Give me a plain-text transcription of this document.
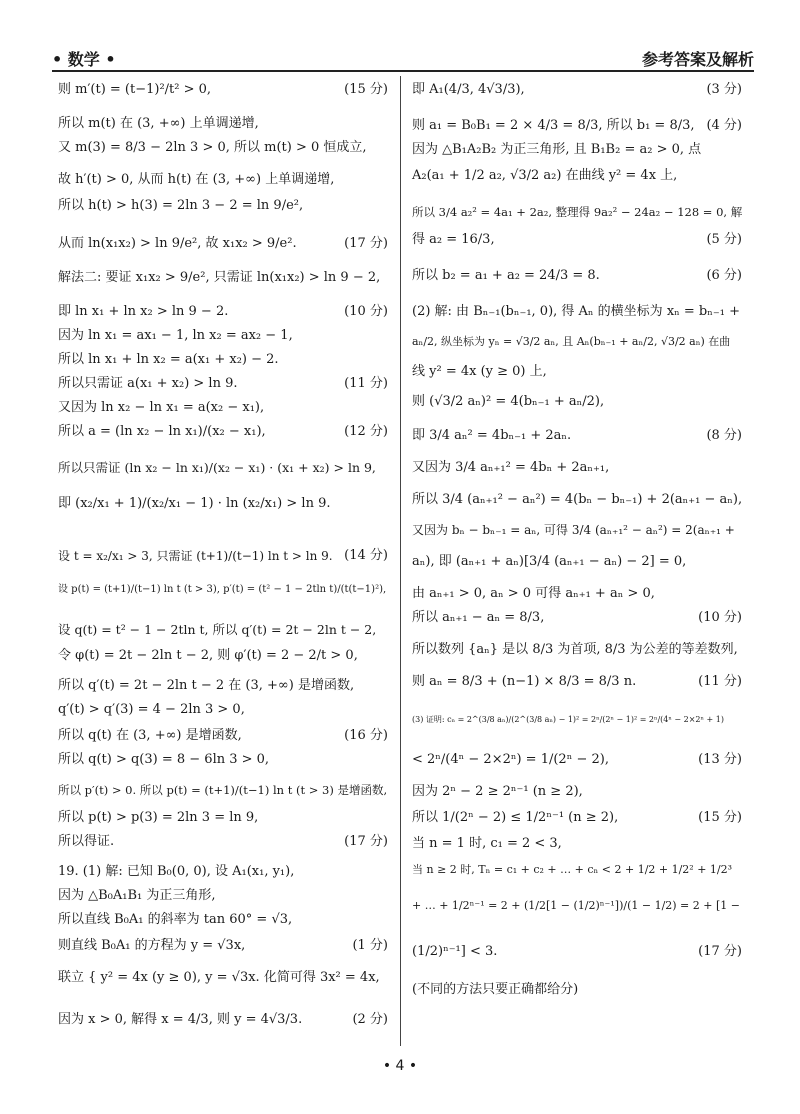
• 数学 •	参考答案及解析
则 m′(t) = (t−1)²/t² > 0,	(15 分)
所以 m(t) 在 (3, +∞) 上单调递增,
又 m(3) = 8/3 − 2ln 3 > 0, 所以 m(t) > 0 恒成立,
故 h′(t) > 0, 从而 h(t) 在 (3, +∞) 上单调递增,
所以 h(t) > h(3) = 2ln 3 − 2 = ln 9/e²,
从而 ln(x₁x₂) > ln 9/e², 故 x₁x₂ > 9/e².	(17 分)
解法二: 要证 x₁x₂ > 9/e², 只需证 ln(x₁x₂) > ln 9 − 2,
即 ln x₁ + ln x₂ > ln 9 − 2.	(10 分)
因为 ln x₁ = ax₁ − 1, ln x₂ = ax₂ − 1,
所以 ln x₁ + ln x₂ = a(x₁ + x₂) − 2.
所以只需证 a(x₁ + x₂) > ln 9.	(11 分)
又因为 ln x₂ − ln x₁ = a(x₂ − x₁),
所以 a = (ln x₂ − ln x₁)/(x₂ − x₁),	(12 分)
所以只需证 (ln x₂ − ln x₁)/(x₂ − x₁) · (x₁ + x₂) > ln 9,
即 (x₂/x₁ + 1)/(x₂/x₁ − 1) · ln (x₂/x₁) > ln 9.
设 t = x₂/x₁ > 3, 只需证 (t+1)/(t−1) ln t > ln 9. (14 分)
设 p(t) = (t+1)/(t−1) ln t (t > 3), p′(t) = (t² − 1 − 2tln t)/(t(t−1)²),
设 q(t) = t² − 1 − 2tln t, 所以 q′(t) = 2t − 2ln t − 2,
令 φ(t) = 2t − 2ln t − 2, 则 φ′(t) = 2 − 2/t > 0,
所以 q′(t) = 2t − 2ln t − 2 在 (3, +∞) 是增函数,
q′(t) > q′(3) = 4 − 2ln 3 > 0,
所以 q(t) 在 (3, +∞) 是增函数,	(16 分)
所以 q(t) > q(3) = 8 − 6ln 3 > 0,
所以 p′(t) > 0. 所以 p(t) = (t+1)/(t−1) ln t (t > 3) 是增函数,
所以 p(t) > p(3) = 2ln 3 = ln 9,
所以得证.	(17 分)
19. (1) 解: 已知 B₀(0, 0), 设 A₁(x₁, y₁),
因为 △B₀A₁B₁ 为正三角形,
所以直线 B₀A₁ 的斜率为 tan 60° = √3,
则直线 B₀A₁ 的方程为 y = √3x,	(1 分)
联立 { y² = 4x (y ≥ 0), y = √3x. 化简可得 3x² = 4x,
因为 x > 0, 解得 x = 4/3, 则 y = 4√3/3.	(2 分)
即 A₁(4/3, 4√3/3),	(3 分)
则 a₁ = B₀B₁ = 2 × 4/3 = 8/3, 所以 b₁ = 8/3, (4 分)
因为 △B₁A₂B₂ 为正三角形, 且 B₁B₂ = a₂ > 0, 点
A₂(a₁ + 1/2 a₂, √3/2 a₂) 在曲线 y² = 4x 上,
所以 3/4 a₂² = 4a₁ + 2a₂, 整理得 9a₂² − 24a₂ − 128 = 0, 解
得 a₂ = 16/3,	(5 分)
所以 b₂ = a₁ + a₂ = 24/3 = 8.	(6 分)
(2) 解: 由 Bₙ₋₁(bₙ₋₁, 0), 得 Aₙ 的横坐标为 xₙ = bₙ₋₁ +
aₙ/2, 纵坐标为 yₙ = √3/2 aₙ, 且 Aₙ(bₙ₋₁ + aₙ/2, √3/2 aₙ) 在曲
线 y² = 4x (y ≥ 0) 上,
则 (√3/2 aₙ)² = 4(bₙ₋₁ + aₙ/2),
即 3/4 aₙ² = 4bₙ₋₁ + 2aₙ.	(8 分)
又因为 3/4 aₙ₊₁² = 4bₙ + 2aₙ₊₁,
所以 3/4 (aₙ₊₁² − aₙ²) = 4(bₙ − bₙ₋₁) + 2(aₙ₊₁ − aₙ),
又因为 bₙ − bₙ₋₁ = aₙ, 可得 3/4 (aₙ₊₁² − aₙ²) = 2(aₙ₊₁ +
aₙ), 即 (aₙ₊₁ + aₙ)[3/4 (aₙ₊₁ − aₙ) − 2] = 0,
由 aₙ₊₁ > 0, aₙ > 0 可得 aₙ₊₁ + aₙ > 0,
所以 aₙ₊₁ − aₙ = 8/3,	(10 分)
所以数列 {aₙ} 是以 8/3 为首项, 8/3 为公差的等差数列,
则 aₙ = 8/3 + (n−1) × 8/3 = 8/3 n.	(11 分)
(3) 证明: cₙ = 2^(3/8 aₙ)/(2^(3/8 aₙ) − 1)² = 2ⁿ/(2ⁿ − 1)² = 2ⁿ/(4ⁿ − 2×2ⁿ + 1)
< 2ⁿ/(4ⁿ − 2×2ⁿ) = 1/(2ⁿ − 2),	(13 分)
因为 2ⁿ − 2 ≥ 2ⁿ⁻¹ (n ≥ 2),
所以 1/(2ⁿ − 2) ≤ 1/2ⁿ⁻¹ (n ≥ 2),	(15 分)
当 n = 1 时, c₁ = 2 < 3,
当 n ≥ 2 时, Tₙ = c₁ + c₂ + … + cₙ < 2 + 1/2 + 1/2² + 1/2³
+ … + 1/2ⁿ⁻¹ = 2 + (1/2[1 − (1/2)ⁿ⁻¹])/(1 − 1/2) = 2 + [1 −
(1/2)ⁿ⁻¹] < 3.	(17 分)
(不同的方法只要正确都给分)
• 4 •
